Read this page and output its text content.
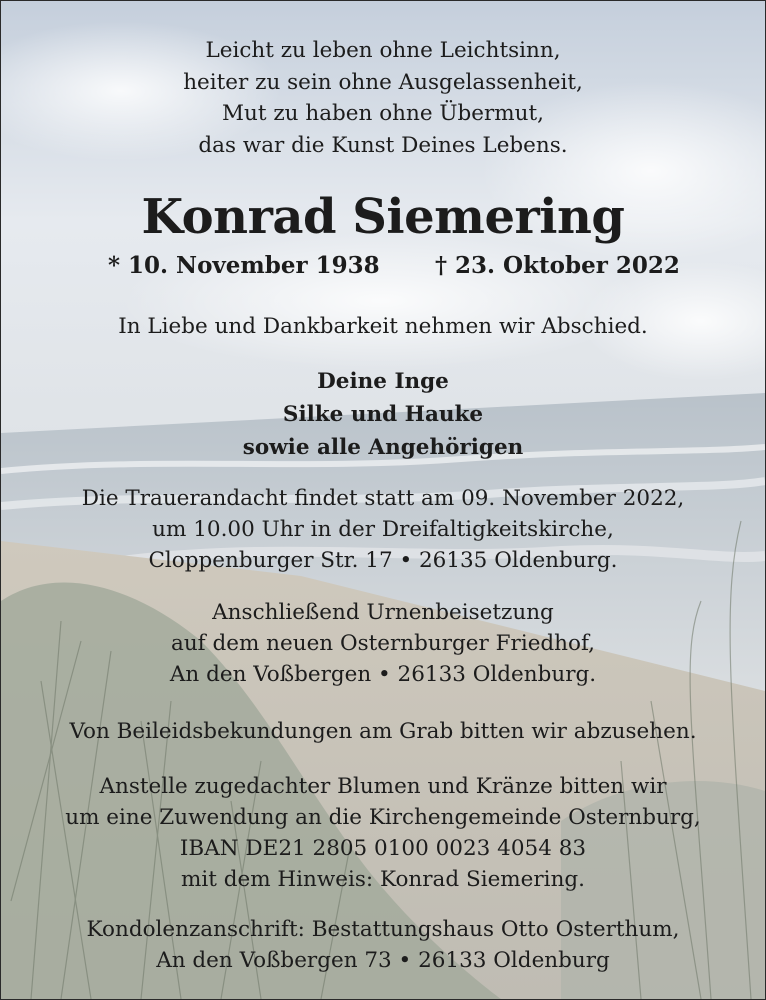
Leicht zu leben ohne Leichtsinn,
heiter zu sein ohne Ausgelassenheit,
Mut zu haben ohne Übermut,
das war die Kunst Deines Lebens.
Konrad Siemering
* 10. November 1938 † 23. Oktober 2022
In Liebe und Dankbarkeit nehmen wir Abschied.
Deine Inge
Silke und Hauke
sowie alle Angehörigen
Die Trauerandacht findet statt am 09. November 2022,
um 10.00 Uhr in der Dreifaltigkeitskirche,
Cloppenburger Str. 17 • 26135 Oldenburg.
Anschließend Urnenbeisetzung
auf dem neuen Osternburger Friedhof,
An den Voßbergen • 26133 Oldenburg.
Von Beileidsbekundungen am Grab bitten wir abzusehen.
Anstelle zugedachter Blumen und Kränze bitten wir
um eine Zuwendung an die Kirchengemeinde Osternburg,
IBAN DE21 2805 0100 0023 4054 83
mit dem Hinweis: Konrad Siemering.
Kondolenzanschrift: Bestattungshaus Otto Osterthum,
An den Voßbergen 73 • 26133 Oldenburg
